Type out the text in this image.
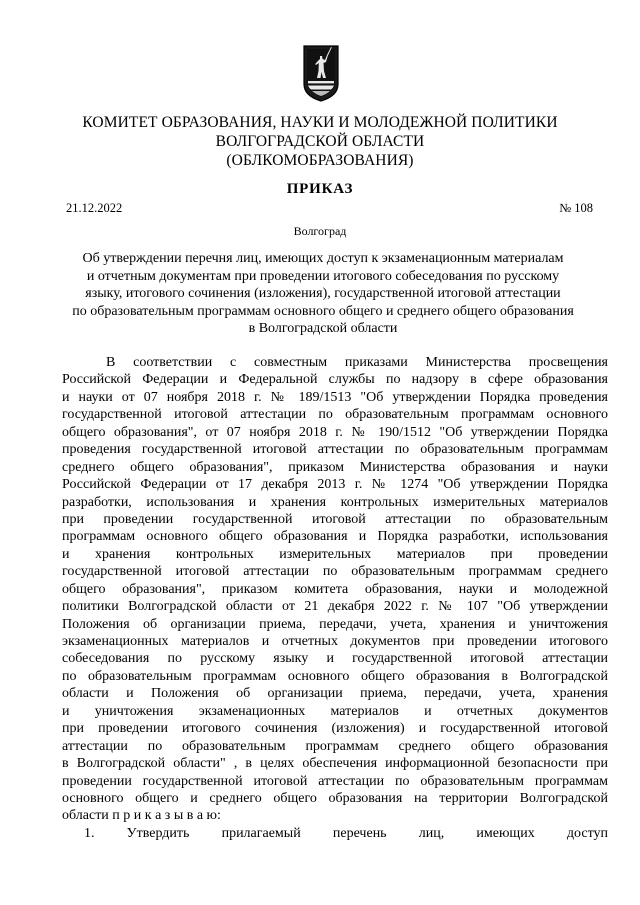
КОМИТЕТ ОБРАЗОВАНИЯ, НАУКИ И МОЛОДЕЖНОЙ ПОЛИТИКИ
ВОЛГОГРАДСКОЙ ОБЛАСТИ
(ОБЛКОМОБРАЗОВАНИЯ)
ПРИКАЗ
21.12.2022	№ 108
Волгоград
Об утверждении перечня лиц, имеющих доступ к экзаменационным материалам
и отчетным документам при проведении итогового собеседования по русскому
языку, итогового сочинения (изложения), государственной итоговой аттестации
по образовательным программам основного общего и среднего общего образования
в Волгоградской области
В соответствии с совместным приказами Министерства просвещения
Российской Федерации и Федеральной службы по надзору в сфере образования
и науки от 07 ноября 2018 г. № 189/1513 "Об утверждении Порядка проведения
государственной итоговой аттестации по образовательным программам основного
общего образования", от 07 ноября 2018 г. № 190/1512 "Об утверждении Порядка
проведения государственной итоговой аттестации по образовательным программам
среднего общего образования", приказом Министерства образования и науки
Российской Федерации от 17 декабря 2013 г. № 1274 "Об утверждении Порядка
разработки, использования и хранения контрольных измерительных материалов
при проведении государственной итоговой аттестации по образовательным
программам основного общего образования и Порядка разработки, использования
и хранения контрольных измерительных материалов при проведении
государственной итоговой аттестации по образовательным программам среднего
общего образования", приказом комитета образования, науки и молодежной
политики Волгоградской области от 21 декабря 2022 г. № 107 "Об утверждении
Положения об организации приема, передачи, учета, хранения и уничтожения
экзаменационных материалов и отчетных документов при проведении итогового
собеседования по русскому языку и государственной итоговой аттестации
по образовательным программам основного общего образования в Волгоградской
области и Положения об организации приема, передачи, учета, хранения
и уничтожения экзаменационных материалов и отчетных документов
при проведении итогового сочинения (изложения) и государственной итоговой
аттестации по образовательным программам среднего общего образования
в Волгоградской области" , в целях обеспечения информационной безопасности при
проведении государственной итоговой аттестации по образовательным программам
основного общего и среднего общего образования на территории Волгоградской
области п р и к а з ы в а ю:
1. Утвердить прилагаемый перечень лиц, имеющих доступ
